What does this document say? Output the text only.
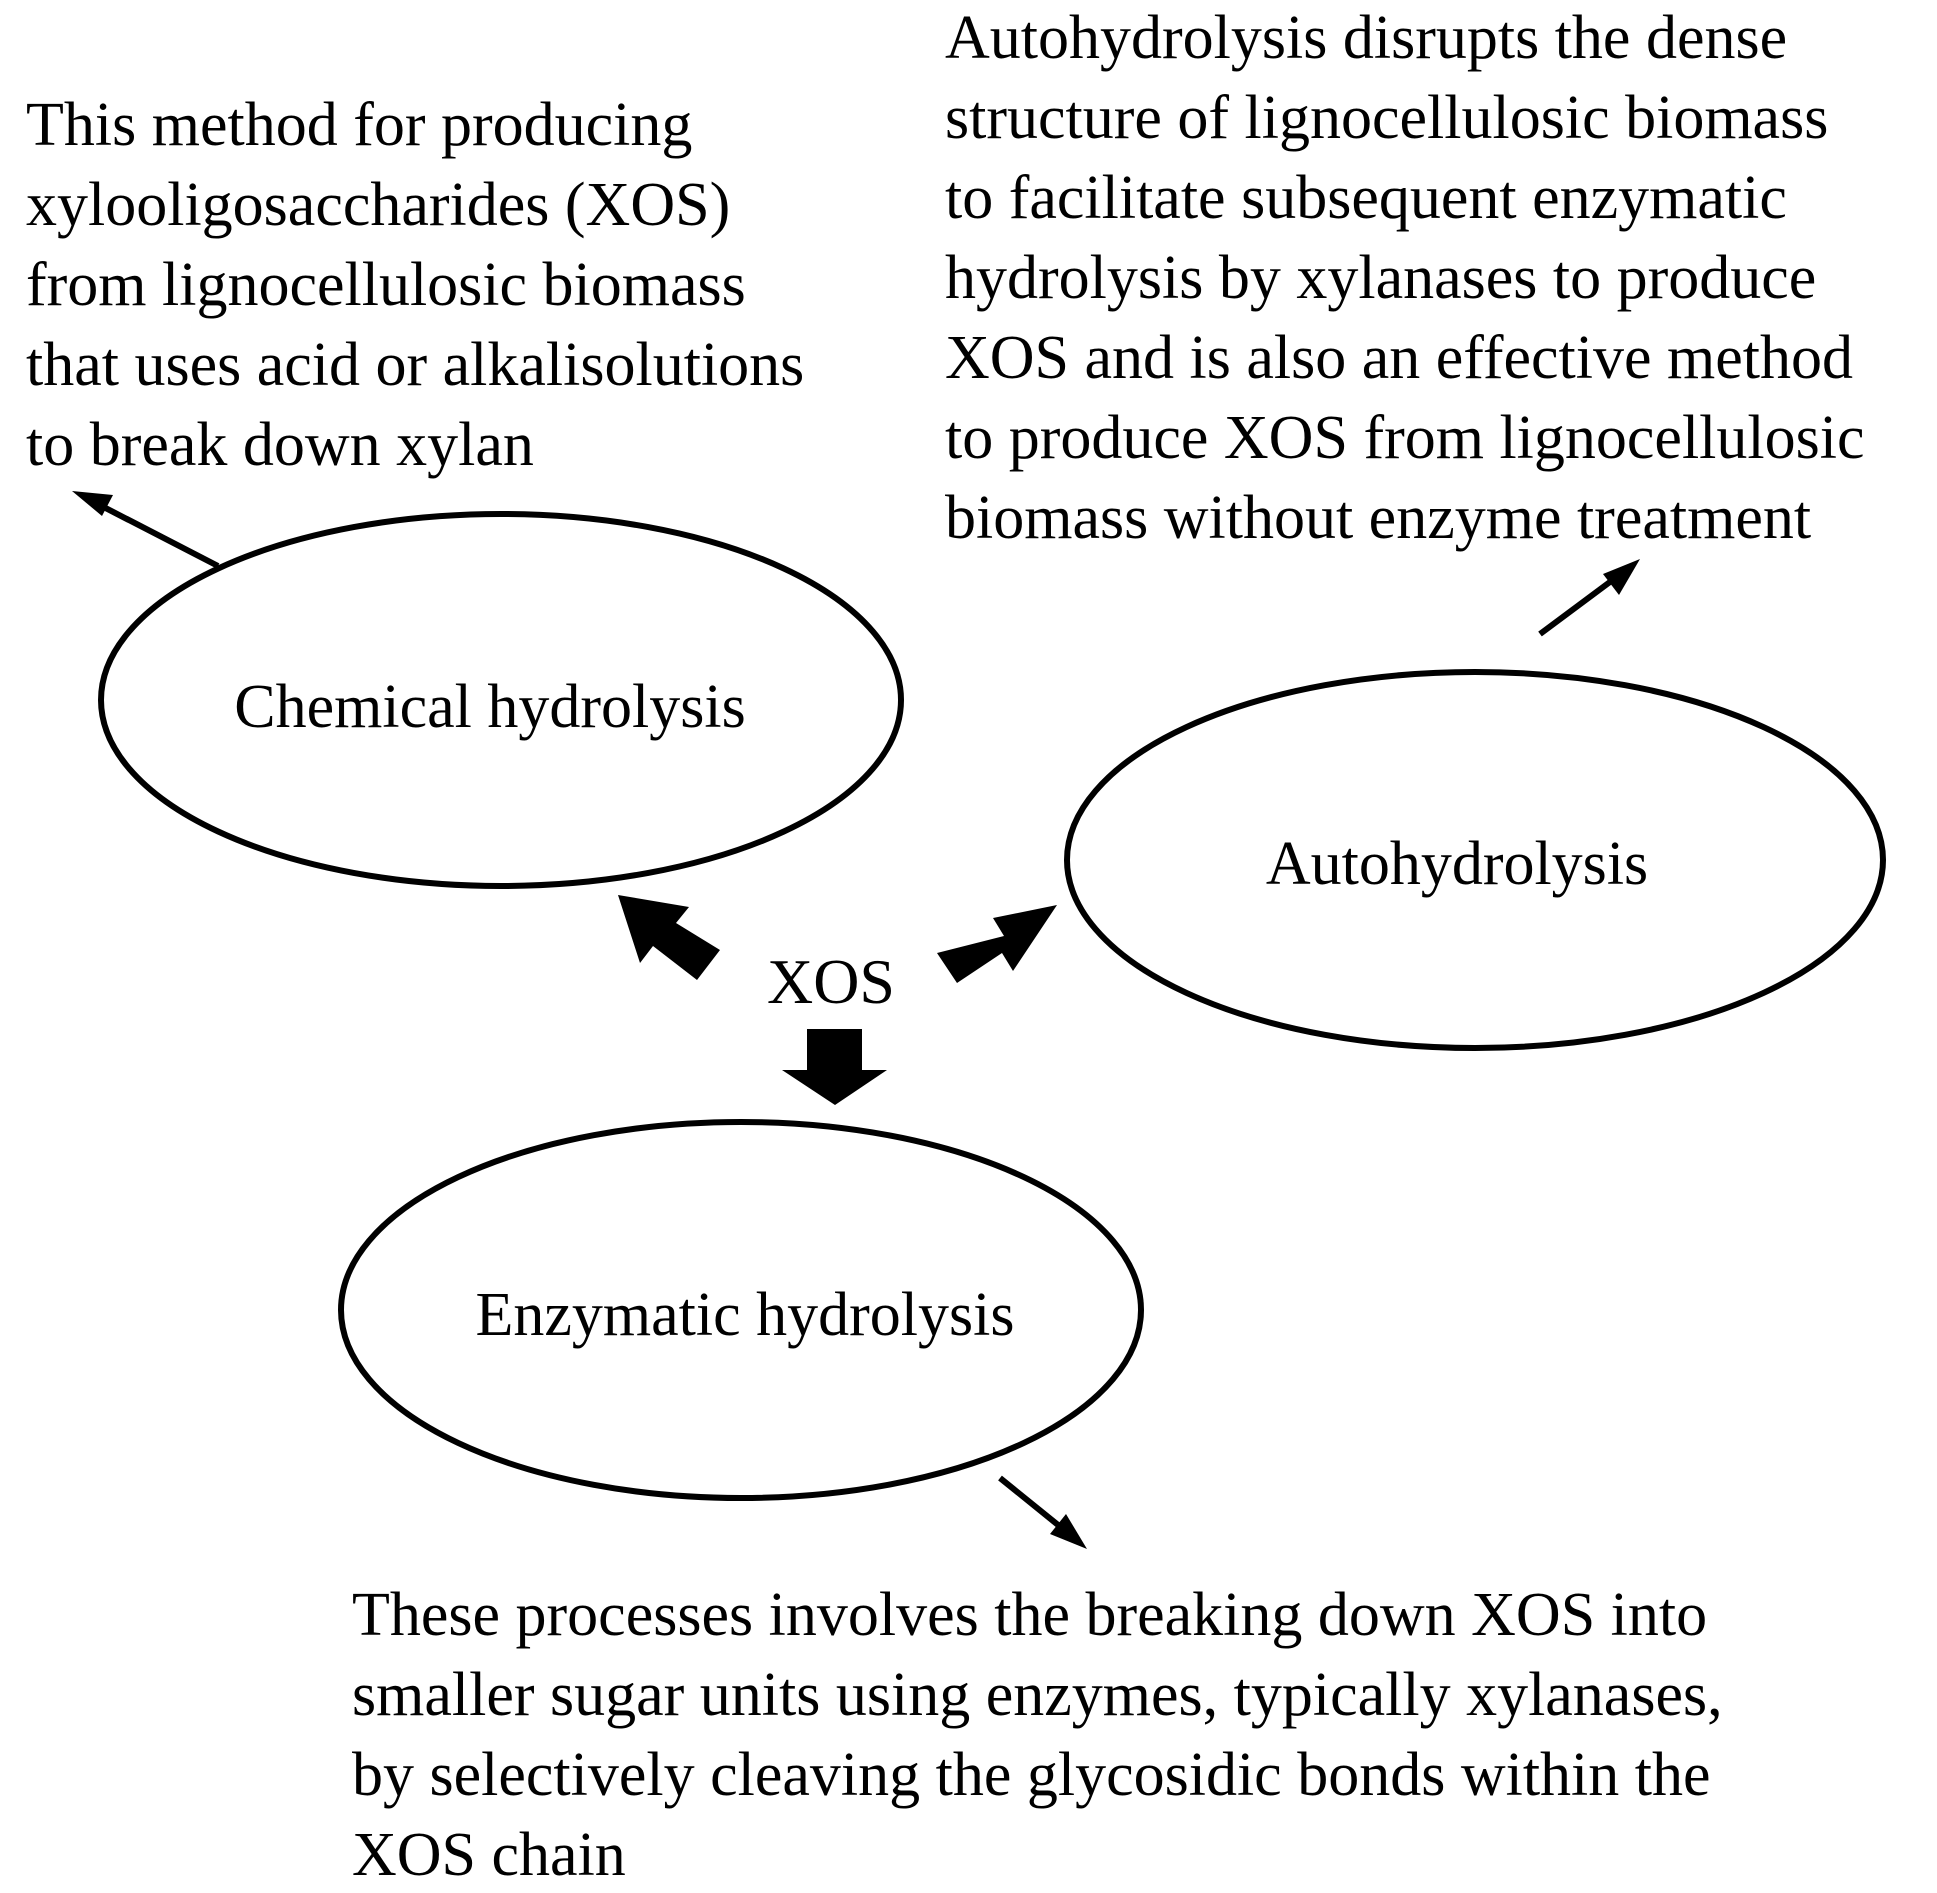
This method for producing
xylooligosaccharides (XOS)
from lignocellulosic biomass
that uses acid or alkalisolutions
to break down xylan
Autohydrolysis disrupts the dense
structure of lignocellulosic biomass
to facilitate subsequent enzymatic
hydrolysis by xylanases to produce
XOS and is also an effective method
to produce XOS from lignocellulosic
biomass without enzyme treatment
These processes involves the breaking down XOS into
smaller sugar units using enzymes, typically xylanases,
by selectively cleaving the glycosidic bonds within the
XOS chain
Chemical hydrolysis
Autohydrolysis
Enzymatic hydrolysis
XOS
